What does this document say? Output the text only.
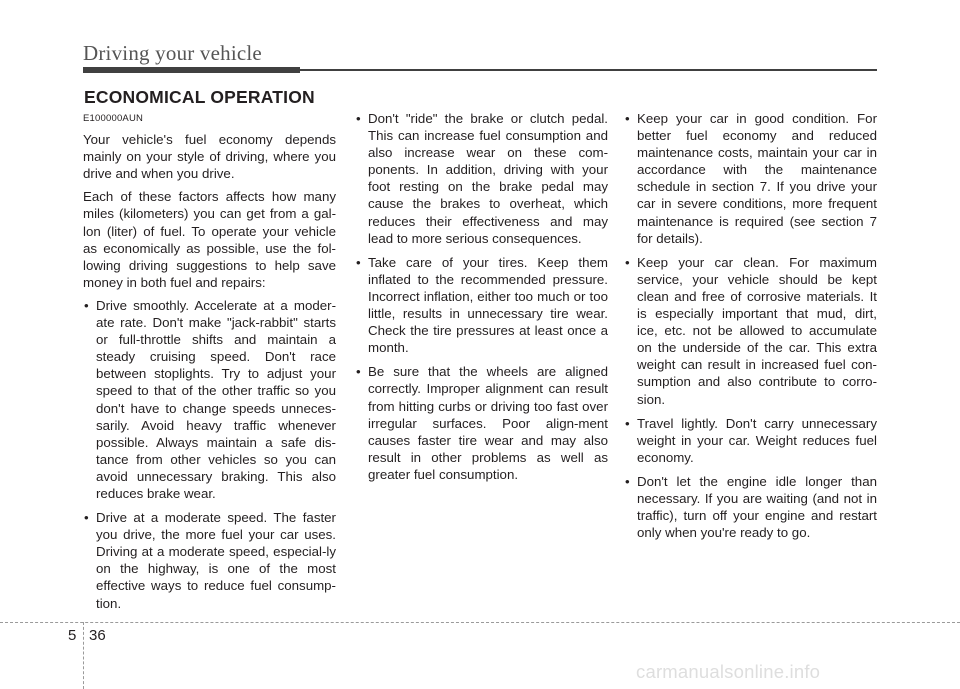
Driving your vehicle
ECONOMICAL OPERATION
E100000AUN

Your vehicle's fuel economy depends mainly on your style of driving, where you drive and when you drive.

Each of these factors affects how many miles (kilometers) you can get from a gal-lon (liter) of fuel. To operate your vehicle as economically as possible, use the fol-lowing driving suggestions to help save money in both fuel and repairs:

• Drive smoothly. Accelerate at a moder-ate rate. Don't make "jack-rabbit" starts or full-throttle shifts and maintain a steady cruising speed. Don't race between stoplights. Try to adjust your speed to that of the other traffic so you don't have to change speeds unneces-sarily. Avoid heavy traffic whenever possible. Always maintain a safe dis-tance from other vehicles so you can avoid unnecessary braking. This also reduces brake wear.
• Drive at a moderate speed. The faster you drive, the more fuel your car uses. Driving at a moderate speed, especial-ly on the highway, is one of the most effective ways to reduce fuel consump-tion.
• Don't "ride" the brake or clutch pedal. This can increase fuel consumption and also increase wear on these com-ponents. In addition, driving with your foot resting on the brake pedal may cause the brakes to overheat, which reduces their effectiveness and may lead to more serious consequences.
• Take care of your tires. Keep them inflated to the recommended pressure. Incorrect inflation, either too much or too little, results in unnecessary tire wear. Check the tire pressures at least once a month.
• Be sure that the wheels are aligned correctly. Improper alignment can result from hitting curbs or driving too fast over irregular surfaces. Poor align-ment causes faster tire wear and may also result in other problems as well as greater fuel consumption.
• Keep your car in good condition. For better fuel economy and reduced maintenance costs, maintain your car in accordance with the maintenance schedule in section 7. If you drive your car in severe conditions, more frequent maintenance is required (see section 7 for details).
• Keep your car clean. For maximum service, your vehicle should be kept clean and free of corrosive materials. It is especially important that mud, dirt, ice, etc. not be allowed to accumulate on the underside of the car. This extra weight can result in increased fuel con-sumption and also contribute to corro-sion.
• Travel lightly. Don't carry unnecessary weight in your car. Weight reduces fuel economy.
• Don't let the engine idle longer than necessary. If you are waiting (and not in traffic), turn off your engine and restart only when you're ready to go.
5 36
carmanualsonline.info
